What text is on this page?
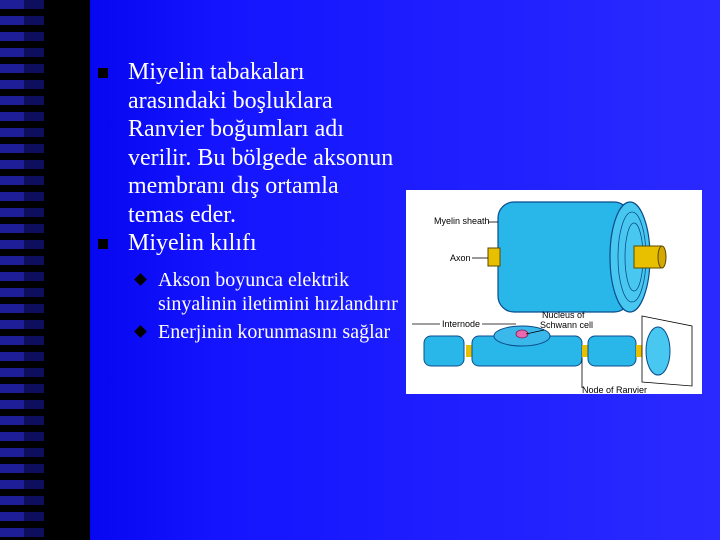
Miyelin tabakaları arasındaki boşluklara Ranvier boğumları adı verilir. Bu bölgede aksonun membranı dış ortamla temas eder.
Miyelin kılıfı
Akson boyunca elektrik sinyalinin iletimini hızlandırır
Enerjinin korunmasını sağlar
Myelin sheath
Axon
Internode
Nucleus of
Schwann cell
Node of Ranvier
